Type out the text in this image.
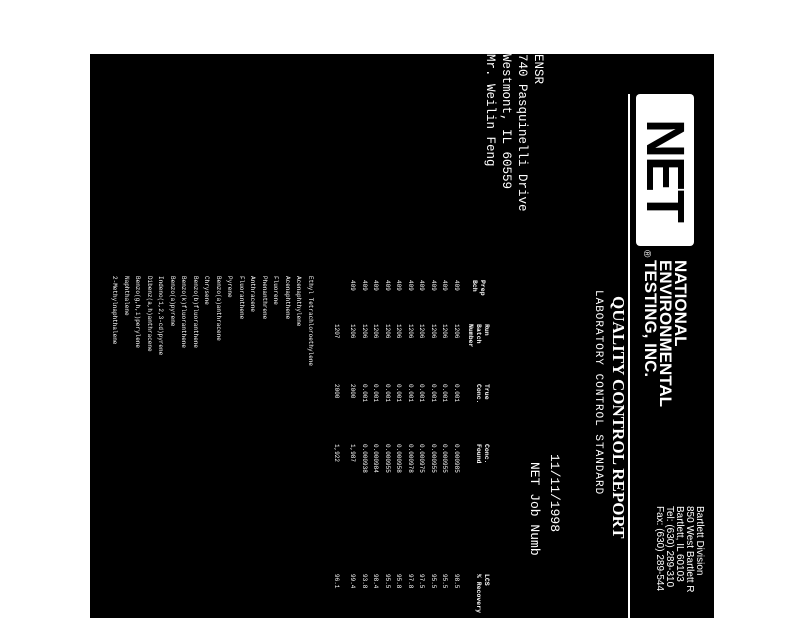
NET
®
NATIONAL
ENVIRONMENTAL
TESTING, INC.
Bartlett Division
850 West Bartlett R
Bartlett, IL 60103
Tel: (630) 289-310
Fax: (630) 289-544
QUALITY CONTROL REPORT
LABORATORY CONTROL STANDARD
11/11/1998
NET Job Numb
ENSR
740 Pasquinelli Drive
Westmont, IL 60559
Mr. Weilin Feng
Prep
Bch
Run
Batch
Number
True
Conc.
Conc.
Found
LCS
% Recovery
409
409
409
409
409
409
409
409
409
409
1206
1206
1206
1206
1206
1206
1206
1206
1206
1206
0.001
0.001
0.001
0.001
0.001
0.001
0.001
0.001
0.001
2000
0.000985
0.000955
0.000955
0.000975
0.000978
0.000958
0.000955
0.000984
0.000938
1,987
98.5
95.5
95.5
97.5
97.8
95.8
95.5
98.4
93.8
99.4
1207
2000
1,922
96.1
Ethyl Tetrachloroethylene
Acenaphthylene
Acenaphthene
Fluorene
Phenanthrene
Anthracene
Fluoranthene
Pyrene
Benzo(a)anthracene
Chrysene
Benzo(b)fluoranthene
Benzo(k)fluoranthene
Benzo(a)pyrene
Indeno(1,2,3-cd)pyrene
Dibenz(a,h)anthracene
Benzo(g,h,i)perylene
Naphthalene
2-Methylnaphthalene
